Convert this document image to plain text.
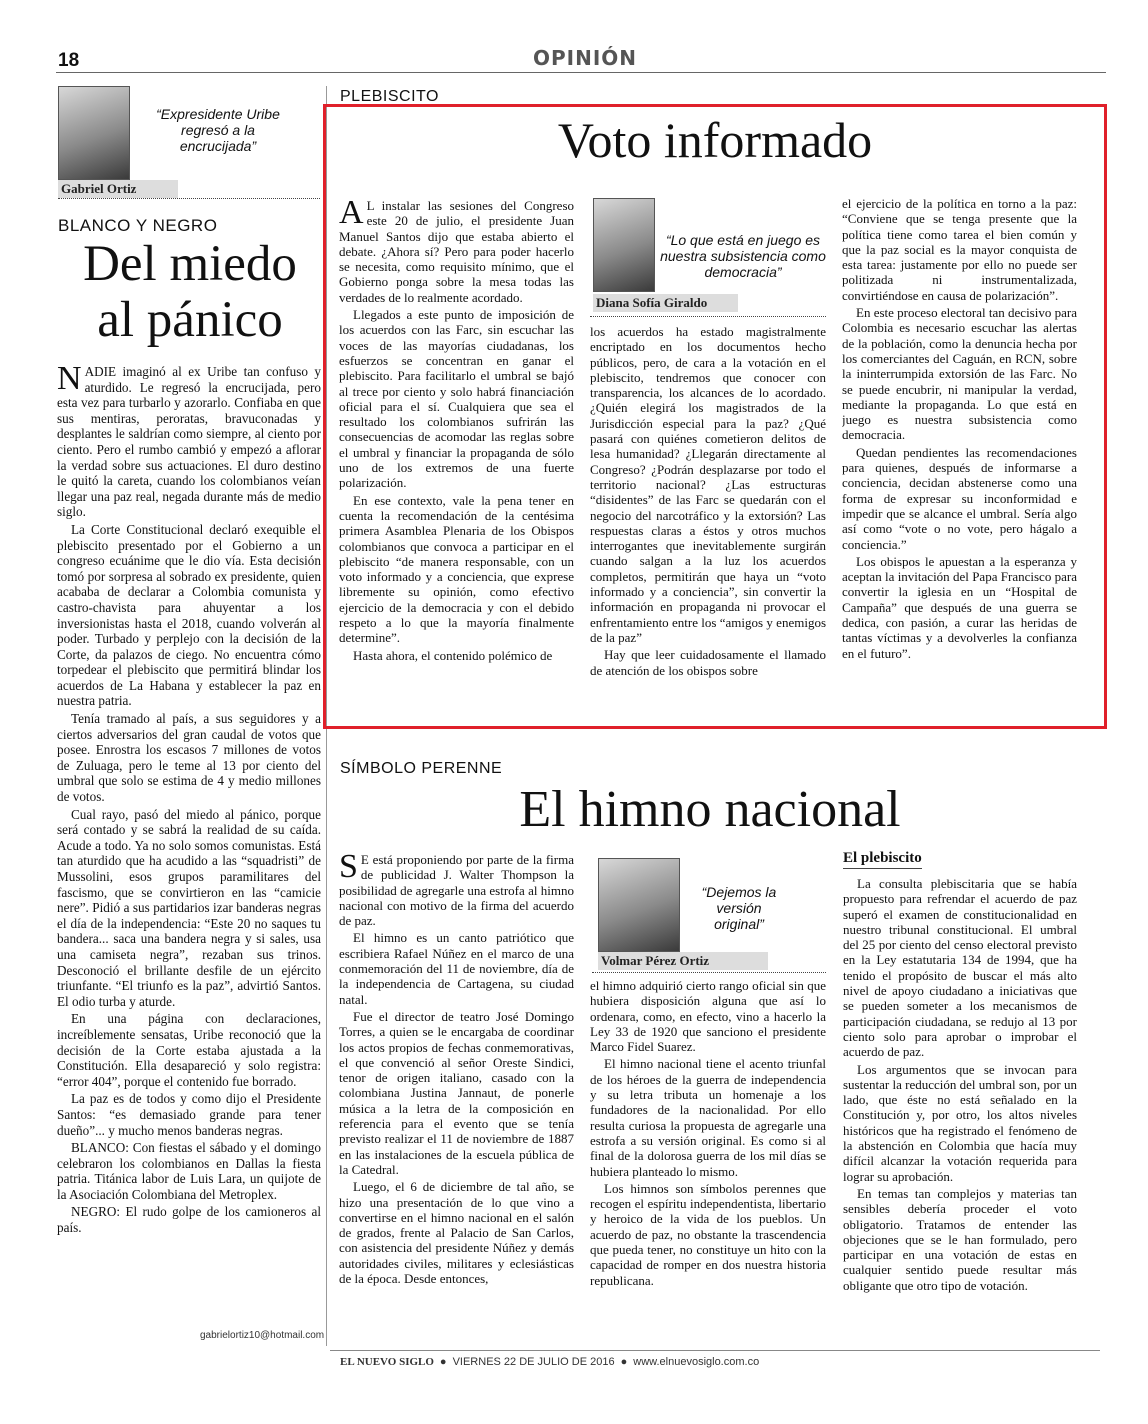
18	OPINIÓN
“Expresidente Uribe regresó a la encrucijada”
Gabriel Ortiz
BLANCO Y NEGRO
Del miedo
al pánico
N ADIE imaginó al ex Uribe tan confuso y aturdido. Le regresó la encrucijada, pero esta vez para turbarlo y azorarlo. Confiaba en que sus mentiras, peroratas, bravuconadas y desplantes le saldrían como siempre, al ciento por ciento. Pero el rumbo cambió y empezó a aflorar la verdad sobre sus actuaciones. El duro destino le quitó la careta, cuando los colombianos veían llegar una paz real, negada durante más de medio siglo.

La Corte Constitucional declaró exequible el plebiscito presentado por el Gobierno a un congreso ecuánime que le dio vía. Esta decisión tomó por sorpresa al sobrado ex presidente, quien acababa de declarar a Colombia comunista y castro-chavista para ahuyentar a los inversionistas hasta el 2018, cuando volverán al poder. Turbado y perplejo con la decisión de la Corte, da palazos de ciego. No encuentra cómo torpedear el plebiscito que permitirá blindar los acuerdos de La Habana y establecer la paz en nuestra patria.

Tenía tramado al país, a sus seguidores y a ciertos adversarios del gran caudal de votos que posee. Enrostra los escasos 7 millones de votos de Zuluaga, pero le teme al 13 por ciento del umbral que solo se estima de 4 y medio millones de votos.

Cual rayo, pasó del miedo al pánico, porque será contado y se sabrá la realidad de su caída. Acude a todo. Ya no solo somos comunistas. Está tan aturdido que ha acudido a las “squadristi” de Mussolini, esos grupos paramilitares del fascismo, que se convirtieron en las “camicie nere”. Pidió a sus partidarios izar banderas negras el día de la independencia: “Este 20 no saques tu bandera... saca una bandera negra y si sales, usa una camiseta negra”, rezaban sus trinos. Desconoció el brillante desfile de un ejército triunfante. “El triunfo es la paz”, advirtió Santos. El odio turba y aturde.

En una página con declaraciones, increíblemente sensatas, Uribe reconoció que la decisión de la Corte estaba ajustada a la Constitución. Ella desapareció y solo registra: “error 404”, porque el contenido fue borrado.

La paz es de todos y como dijo el Presidente Santos: “es demasiado grande para tener dueño”... y mucho menos banderas negras.

BLANCO: Con fiestas el sábado y el domingo celebraron los colombianos en Dallas la fiesta patria. Titánica labor de Luis Lara, un quijote de la Asociación Colombiana del Metroplex.

NEGRO: El rudo golpe de los camioneros al país.

gabrielortiz10@hotmail.com
PLEBISCITO
Voto informado
A L instalar las sesiones del Congreso este 20 de julio, el presidente Juan Manuel Santos dijo que estaba abierto el debate. ¿Ahora sí? Pero para poder hacerlo se necesita, como requisito mínimo, que el Gobierno ponga sobre la mesa todas las verdades de lo realmente acordado.

Llegados a este punto de imposición de los acuerdos con las Farc, sin escuchar las voces de las mayorías ciudadanas, los esfuerzos se concentran en ganar el plebiscito. Para facilitarlo el umbral se bajó al trece por ciento y solo habrá financiación oficial para el sí. Cualquiera que sea el resultado los colombianos sufrirán las consecuencias de acomodar las reglas sobre el umbral y financiar la propaganda de sólo uno de los extremos de una fuerte polarización.

En ese contexto, vale la pena tener en cuenta la recomendación de la centésima primera Asamblea Plenaria de los Obispos colombianos que convoca a participar en el plebiscito “de manera responsable, con un voto informado y a conciencia, que exprese libremente su opinión, como efectivo ejercicio de la democracia y con el debido respeto a lo que la mayoría finalmente determine”.

Hasta ahora, el contenido polémico de

“Lo que está en juego es nuestra subsistencia como democracia”
Diana Sofía Giraldo

los acuerdos ha estado magistralmente encriptado en los documentos hecho públicos, pero, de cara a la votación en el plebiscito, tendremos que conocer con transparencia, los alcances de lo acordado. ¿Quién elegirá los magistrados de la Jurisdicción especial para la paz? ¿Qué pasará con quiénes cometieron delitos de lesa humanidad? ¿Llegarán directamente al Congreso? ¿Podrán desplazarse por todo el territorio nacional? ¿Las estructuras “disidentes” de las Farc se quedarán con el negocio del narcotráfico y la extorsión? Las respuestas claras a éstos y otros muchos interrogantes que inevitablemente surgirán cuando salgan a la luz los acuerdos completos, permitirán que haya un “voto informado y a conciencia”, sin convertir la información en propaganda ni provocar el enfrentamiento entre los “amigos y enemigos de la paz”

Hay que leer cuidadosamente el llamado de atención de los obispos sobre

el ejercicio de la política en torno a la paz: “Conviene que se tenga presente que la política tiene como tarea el bien común y que la paz social es la mayor conquista de esta tarea: justamente por ello no puede ser politizada ni instrumentalizada, convirtiéndose en causa de polarización”.

En este proceso electoral tan decisivo para Colombia es necesario escuchar las alertas de la población, como la denuncia hecha por los comerciantes del Caguán, en RCN, sobre la ininterrumpida extorsión de las Farc. No se puede encubrir, ni manipular la verdad, mediante la propaganda. Lo que está en juego es nuestra subsistencia como democracia.

Quedan pendientes las recomendaciones para quienes, después de informarse a conciencia, decidan abstenerse como una forma de expresar su inconformidad e impedir que se alcance el umbral. Sería algo así como “vote o no vote, pero hágalo a conciencia.”

Los obispos le apuestan a la esperanza y aceptan la invitación del Papa Francisco para convertir la iglesia en un “Hospital de Campaña” que después de una guerra se dedica, con pasión, a curar las heridas de tantas víctimas y a devolverles la confianza en el futuro”.

SÍMBOLO PERENNE
El himno nacional
S E está proponiendo por parte de la firma de publicidad J. Walter Thompson la posibilidad de agregarle una estrofa al himno nacional con motivo de la firma del acuerdo de paz.

El himno es un canto patriótico que escribiera Rafael Núñez en el marco de una conmemoración del 11 de noviembre, día de la independencia de Cartagena, su ciudad natal.

Fue el director de teatro José Domingo Torres, a quien se le encargaba de coordinar los actos propios de fechas conmemorativas, el que convenció al señor Oreste Sindici, tenor de origen italiano, casado con la colombiana Justina Jannaut, de ponerle música a la letra de la composición en referencia para el evento que se tenía previsto realizar el 11 de noviembre de 1887 en las instalaciones de la escuela pública de la Catedral.

Luego, el 6 de diciembre de tal año, se hizo una presentación de lo que vino a convertirse en el himno nacional en el salón de grados, frente al Palacio de San Carlos, con asistencia del presidente Núñez y demás autoridades civiles, militares y eclesiásticas de la época. Desde entonces,

“Dejemos la versión original”
Volmar Pérez Ortiz

el himno adquirió cierto rango oficial sin que hubiera disposición alguna que así lo ordenara, como, en efecto, vino a hacerlo la Ley 33 de 1920 que sanciono el presidente Marco Fidel Suarez.

El himno nacional tiene el acento triunfal de los héroes de la guerra de independencia y su letra tributa un homenaje a los fundadores de la nacionalidad. Por ello resulta curiosa la propuesta de agregarle una estrofa a su versión original. Es como si al final de la dolorosa guerra de los mil días se hubiera planteado lo mismo.

Los himnos son símbolos perennes que recogen el espíritu independentista, libertario y heroico de la vida de los pueblos. Un acuerdo de paz, no obstante la trascendencia que pueda tener, no constituye un hito con la capacidad de romper en dos nuestra historia republicana.

El plebiscito

La consulta plebiscitaria que se había propuesto para refrendar el acuerdo de paz superó el examen de constitucionalidad en nuestro tribunal constitucional. El umbral del 25 por ciento del censo electoral previsto en la Ley estatutaria 134 de 1994, que ha tenido el propósito de buscar el más alto nivel de apoyo ciudadano a iniciativas que se pueden someter a los mecanismos de participación ciudadana, se redujo al 13 por ciento solo para aprobar o improbar el acuerdo de paz.

Los argumentos que se invocan para sustentar la reducción del umbral son, por un lado, que éste no está señalado en la Constitución y, por otro, los altos niveles históricos que ha registrado el fenómeno de la abstención en Colombia que hacía muy difícil alcanzar la votación requerida para lograr su aprobación.

En temas tan complejos y materias tan sensibles debería proceder el voto obligatorio. Tratamos de entender las objeciones que se le han formulado, pero participar en una votación de estas en cualquier sentido puede resultar más obligante que otro tipo de votación.

EL NUEVO SIGLO ● VIERNES 22 DE JULIO DE 2016 ● www.elnuevosiglo.com.co
